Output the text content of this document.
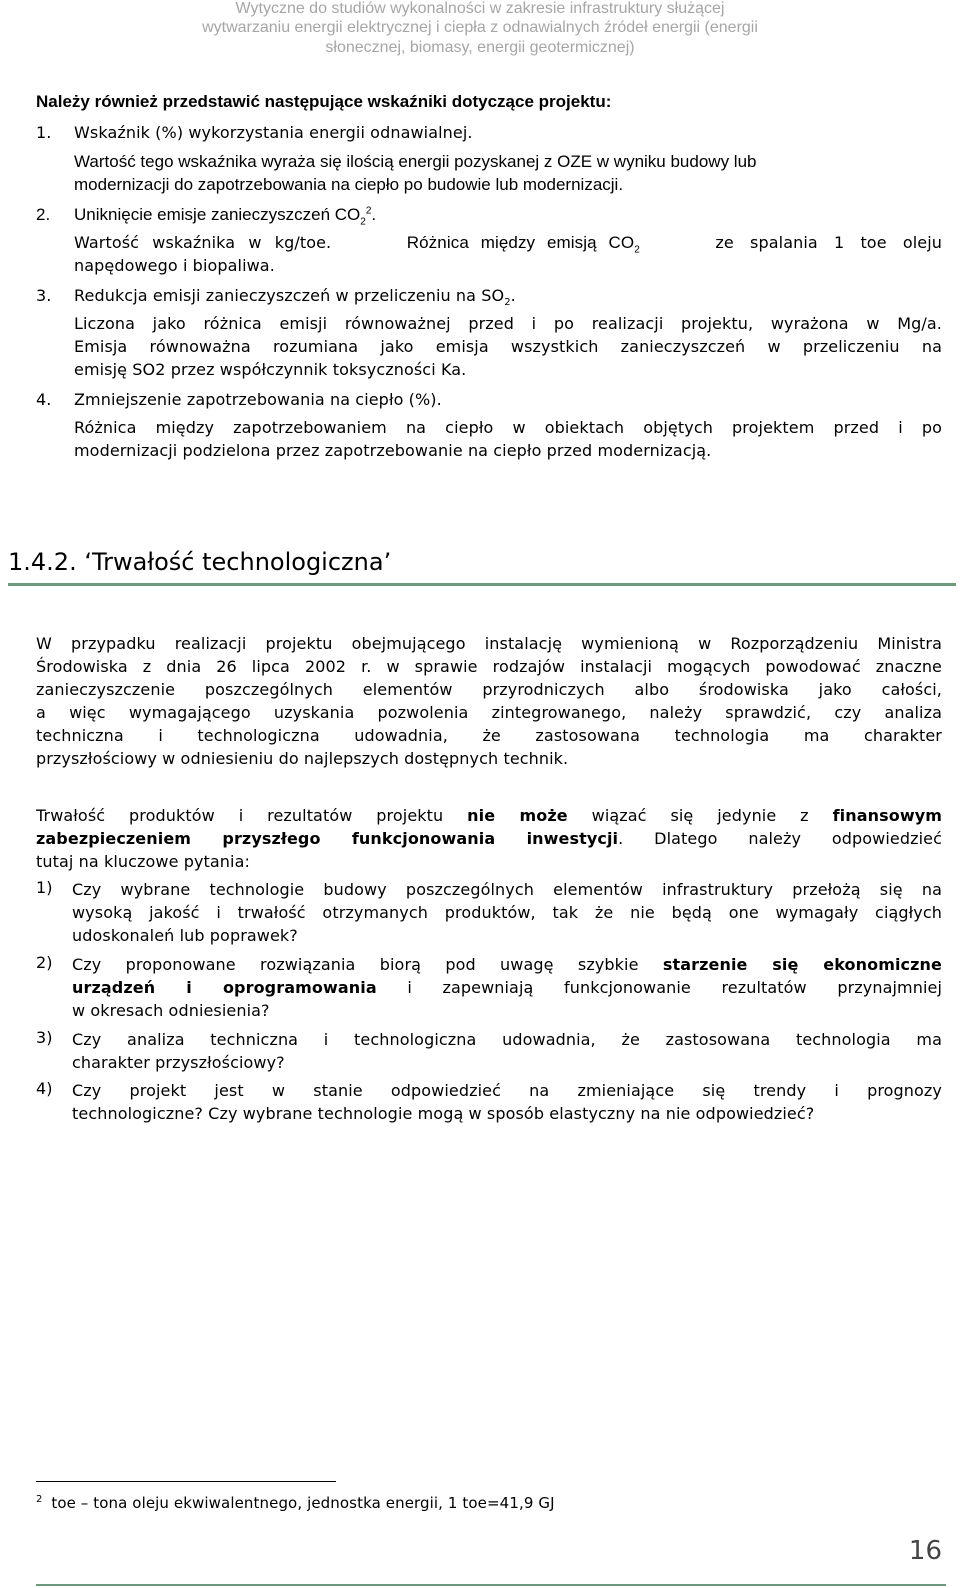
Wytyczne do studiów wykonalności w zakresie infrastruktury służącej
wytwarzaniu energii elektrycznej i ciepła z odnawialnych źródeł energii (energii
słonecznej, biomasy, energii geotermicznej)
Należy również przedstawić następujące wskaźniki dotyczące projektu:
1. Wskaźnik (%) wykorzystania energii odnawialnej.
Wartość tego wskaźnika wyraża się ilością energii pozyskanej z OZE w wyniku budowy lub
modernizacji do zapotrzebowania na ciepło po budowie lub modernizacji.
2. Uniknięcie emisje zanieczyszczeń $CO_2^2$.
Wartość wskaźnika w kg/toe.	Różnica między emisją $CO_2$	ze spalania 1 toe oleju
napędowego i biopaliwa.
3. Redukcja emisji zanieczyszczeń w przeliczeniu na $SO_2$.
Liczona jako różnica emisji równoważnej przed i po realizacji projektu, wyrażona w Mg/a.
Emisja równoważna rozumiana jako emisja wszystkich zanieczyszczeń w przeliczeniu na
emisję SO2 przez współczynnik toksyczności Ka.
4. Zmniejszenie zapotrzebowania na ciepło (%).
Różnica między zapotrzebowaniem na ciepło w obiektach objętych projektem przed i po
modernizacji podzielona przez zapotrzebowanie na ciepło przed modernizacją.
1.4.2. ‘Trwałość technologiczna’
W przypadku realizacji projektu obejmującego instalację wymienioną w Rozporządzeniu Ministra
Środowiska z dnia 26 lipca 2002 r. w sprawie rodzajów instalacji mogących powodować znaczne
zanieczyszczenie poszczególnych elementów przyrodniczych albo środowiska jako całości,
a więc wymagającego uzyskania pozwolenia zintegrowanego, należy sprawdzić, czy analiza
techniczna i technologiczna udowadnia, że zastosowana technologia ma charakter
przyszłościowy w odniesieniu do najlepszych dostępnych technik.
Trwałość produktów i rezultatów projektu nie może wiązać się jedynie z finansowym
zabezpieczeniem przyszłego funkcjonowania inwestycji. Dlatego należy odpowiedzieć
tutaj na kluczowe pytania:
1) Czy wybrane technologie budowy poszczególnych elementów infrastruktury przełożą się na
wysoką jakość i trwałość otrzymanych produktów, tak że nie będą one wymagały ciągłych
udoskonaleń lub poprawek?
2) Czy proponowane rozwiązania biorą pod uwagę szybkie starzenie się ekonomiczne
urządzeń i oprogramowania i zapewniają funkcjonowanie rezultatów przynajmniej
w okresach odniesienia?
3) Czy analiza techniczna i technologiczna udowadnia, że zastosowana technologia ma
charakter przyszłościowy?
4) Czy projekt jest w stanie odpowiedzieć na zmieniające się trendy i prognozy
technologiczne? Czy wybrane technologie mogą w sposób elastyczny na nie odpowiedzieć?
$^2$ toe – tona oleju ekwiwalentnego, jednostka energii, 1 toe=41,9 GJ
16
